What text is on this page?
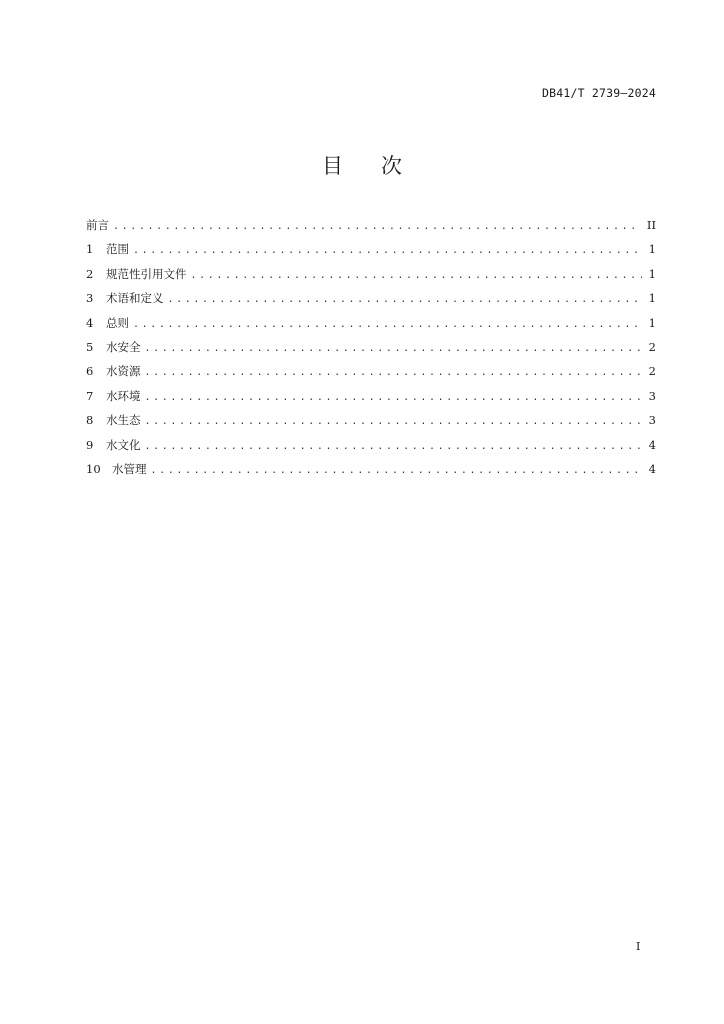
DB41/T 2739—2024
目 次
前言 .....	II
1	范围 .....	1
2	规范性引用文件 .....	1
3	术语和定义 .....	1
4	总则 .....	1
5	水安全 .....	2
6	水资源 .....	2
7	水环境 .....	3
8	水生态 .....	3
9	水文化 .....	4
10 水管理 .....	4
I
